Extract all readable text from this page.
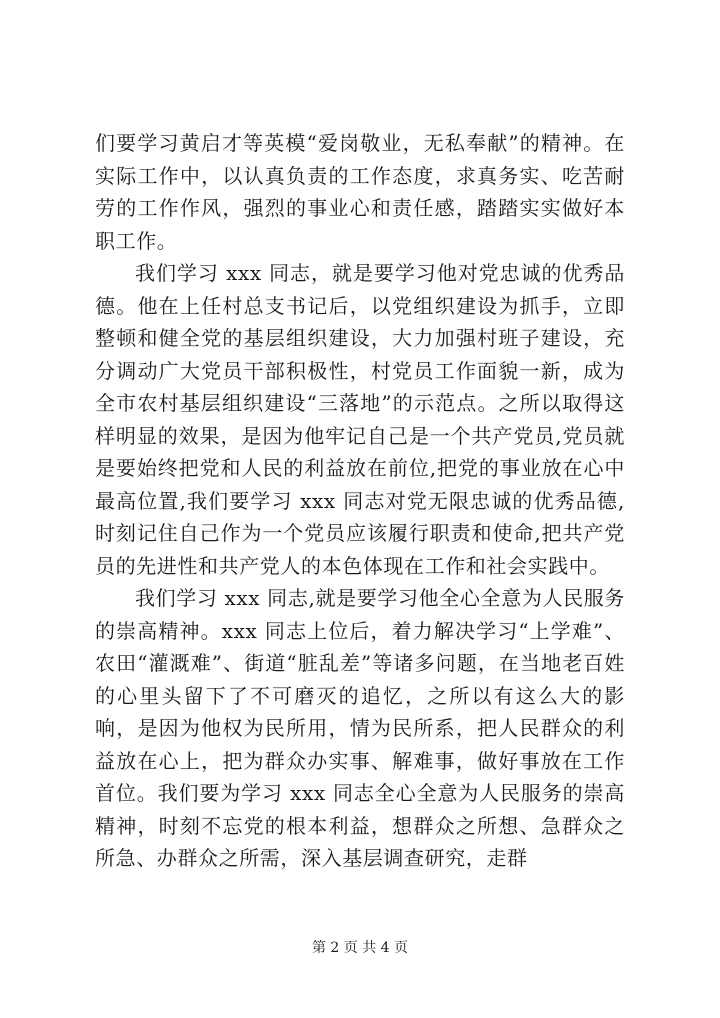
们要学习黄启才等英模“爱岗敬业，无私奉献”的精神。在实际工作中，以认真负责的工作态度，求真务实、吃苦耐劳的工作作风，强烈的事业心和责任感，踏踏实实做好本职工作。

我们学习 xxx 同志，就是要学习他对党忠诚的优秀品德。他在上任村总支书记后，以党组织建设为抓手，立即整顿和健全党的基层组织建设，大力加强村班子建设，充分调动广大党员干部积极性，村党员工作面貌一新，成为全市农村基层组织建设“三落地”的示范点。之所以取得这样明显的效果，是因为他牢记自己是一个共产党员,党员就是要始终把党和人民的利益放在前位,把党的事业放在心中最高位置,我们要学习 xxx 同志对党无限忠诚的优秀品德,时刻记住自己作为一个党员应该履行职责和使命,把共产党员的先进性和共产党人的本色体现在工作和社会实践中。

我们学习 xxx 同志,就是要学习他全心全意为人民服务的崇高精神。xxx 同志上位后，着力解决学习“上学难”、农田“灌溉难”、街道“脏乱差”等诸多问题，在当地老百姓的心里头留下了不可磨灭的追忆，之所以有这么大的影响，是因为他权为民所用，情为民所系，把人民群众的利益放在心上，把为群众办实事、解难事，做好事放在工作首位。我们要为学习 xxx 同志全心全意为人民服务的崇高精神，时刻不忘党的根本利益，想群众之所想、急群众之所急、办群众之所需，深入基层调查研究，走群

第 2 页 共 4 页
